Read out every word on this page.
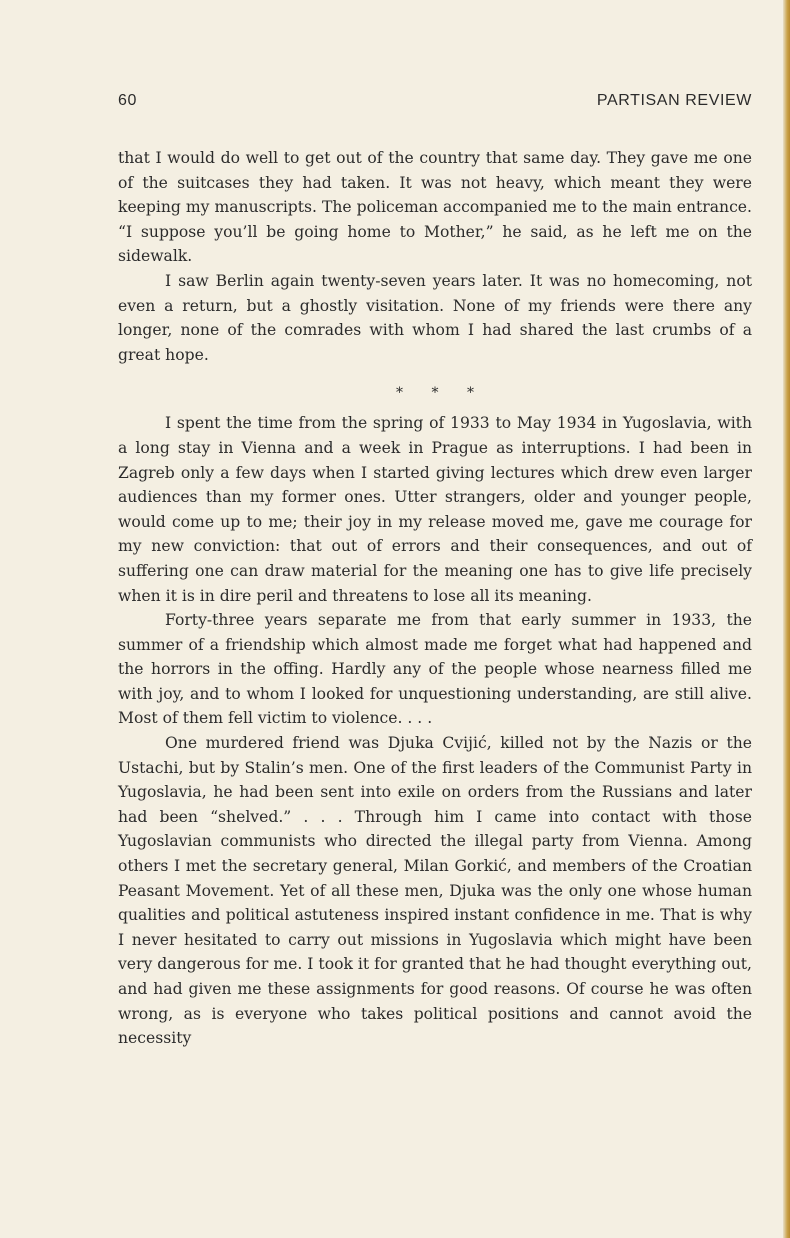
60	PARTISAN REVIEW

that I would do well to get out of the country that same day. They gave me one of the suitcases they had taken. It was not heavy, which meant they were keeping my manuscripts. The policeman accompanied me to the main entrance. “I suppose you’ll be going home to Mother,” he said, as he left me on the sidewalk.

I saw Berlin again twenty-seven years later. It was no homecoming, not even a return, but a ghostly visitation. None of my friends were there any longer, none of the comrades with whom I had shared the last crumbs of a great hope.

* * *

I spent the time from the spring of 1933 to May 1934 in Yugoslavia, with a long stay in Vienna and a week in Prague as interruptions. I had been in Zagreb only a few days when I started giving lectures which drew even larger audiences than my former ones. Utter strangers, older and younger people, would come up to me; their joy in my release moved me, gave me courage for my new conviction: that out of errors and their consequences, and out of suffering one can draw material for the meaning one has to give life precisely when it is in dire peril and threatens to lose all its meaning.

Forty-three years separate me from that early summer in 1933, the summer of a friendship which almost made me forget what had happened and the horrors in the offing. Hardly any of the people whose nearness filled me with joy, and to whom I looked for unquestioning understanding, are still alive. Most of them fell victim to violence. . . .

One murdered friend was Djuka Cvijić, killed not by the Nazis or the Ustachi, but by Stalin’s men. One of the first leaders of the Communist Party in Yugoslavia, he had been sent into exile on orders from the Russians and later had been “shelved.” . . . Through him I came into contact with those Yugoslavian communists who directed the illegal party from Vienna. Among others I met the secretary general, Milan Gorkić, and members of the Croatian Peasant Movement. Yet of all these men, Djuka was the only one whose human qualities and political astuteness inspired instant confidence in me. That is why I never hesitated to carry out missions in Yugoslavia which might have been very dangerous for me. I took it for granted that he had thought everything out, and had given me these assignments for good reasons. Of course he was often wrong, as is everyone who takes political positions and cannot avoid the necessity
